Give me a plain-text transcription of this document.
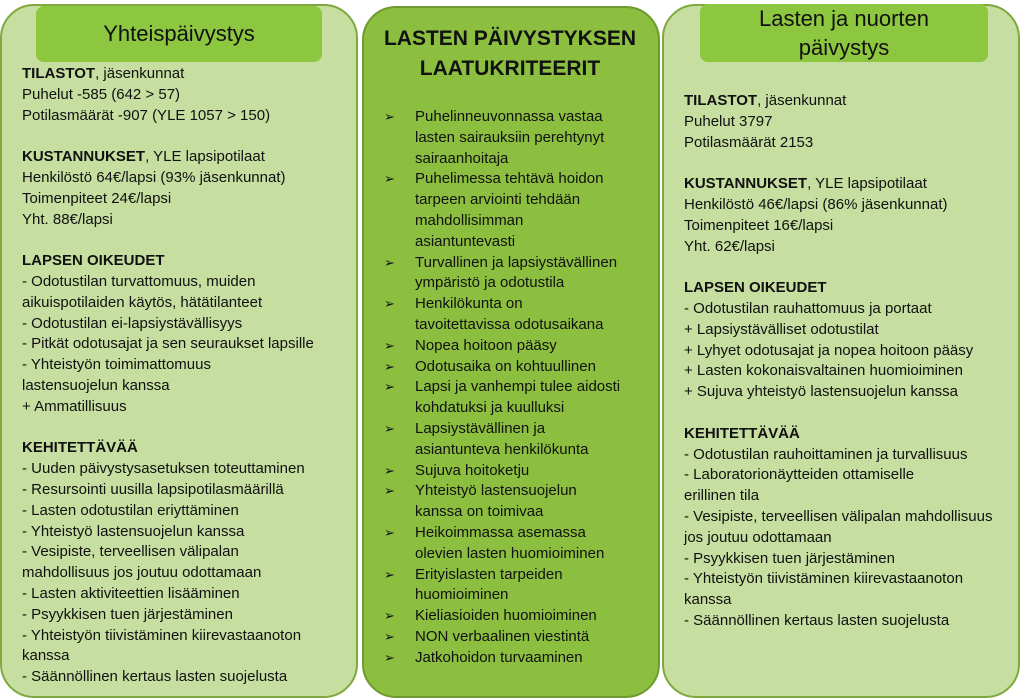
Yhteispäivystys
Lasten ja nuorten
päivystys
TILASTOT, jäsenkunnat
Puhelut -585 (642 > 57)
Potilasmäärät -907 (YLE 1057 > 150)
KUSTANNUKSET, YLE lapsipotilaat
Henkilöstö 64€/lapsi (93% jäsenkunnat)
Toimenpiteet 24€/lapsi
Yht. 88€/lapsi
LAPSEN OIKEUDET
- Odotustilan turvattomuus, muiden
aikuispotilaiden käytös, hätätilanteet
- Odotustilan ei-lapsiystävällisyys
- Pitkät odotusajat ja sen seuraukset lapsille
- Yhteistyön toimimattomuus
lastensuojelun kanssa
+ Ammatillisuus
KEHITETTÄVÄÄ
- Uuden päivystysasetuksen toteuttaminen
- Resursointi uusilla lapsipotilasmäärillä
- Lasten odotustilan eriyttäminen
- Yhteistyö lastensuojelun kanssa
- Vesipiste, terveellisen välipalan
mahdollisuus jos joutuu odottamaan
- Lasten aktiviteettien lisääminen
- Psyykkisen tuen järjestäminen
- Yhteistyön tiivistäminen kiirevastaanoton
kanssa
- Säännöllinen kertaus lasten suojelusta
TILASTOT, jäsenkunnat
Puhelut 3797
Potilasmäärät 2153
KUSTANNUKSET, YLE lapsipotilaat
Henkilöstö 46€/lapsi (86% jäsenkunnat)
Toimenpiteet 16€/lapsi
Yht. 62€/lapsi
LAPSEN OIKEUDET
- Odotustilan rauhattomuus ja portaat
+ Lapsiystävälliset odotustilat
+ Lyhyet odotusajat ja nopea hoitoon pääsy
+ Lasten kokonaisvaltainen huomioiminen
+ Sujuva yhteistyö lastensuojelun kanssa
KEHITETTÄVÄÄ
- Odotustilan rauhoittaminen ja turvallisuus
- Laboratorionäytteiden ottamiselle
erillinen tila
- Vesipiste, terveellisen välipalan mahdollisuus
jos joutuu odottamaan
- Psyykkisen tuen järjestäminen
- Yhteistyön tiivistäminen kiirevastaanoton
kanssa
- Säännöllinen kertaus lasten suojelusta
LASTEN PÄIVYSTYKSEN
LAATUKRITEERIT
➢ Puhelinneuvonnassa vastaa
lasten sairauksiin perehtynyt
sairaanhoitaja
➢ Puhelimessa tehtävä hoidon
tarpeen arviointi tehdään
mahdollisimman
asiantuntevasti
➢ Turvallinen ja lapsiystävällinen
ympäristö ja odotustila
➢ Henkilökunta on
tavoitettavissa odotusaikana
➢ Nopea hoitoon pääsy
➢ Odotusaika on kohtuullinen
➢ Lapsi ja vanhempi tulee aidosti
kohdatuksi ja kuulluksi
➢ Lapsiystävällinen ja
asiantunteva henkilökunta
➢ Sujuva hoitoketju
➢ Yhteistyö lastensuojelun
kanssa on toimivaa
➢ Heikoimmassa asemassa
olevien lasten huomioiminen
➢ Erityislasten tarpeiden
huomioiminen
➢ Kieliasioiden huomioiminen
➢ NON verbaalinen viestintä
➢ Jatkohoidon turvaaminen
